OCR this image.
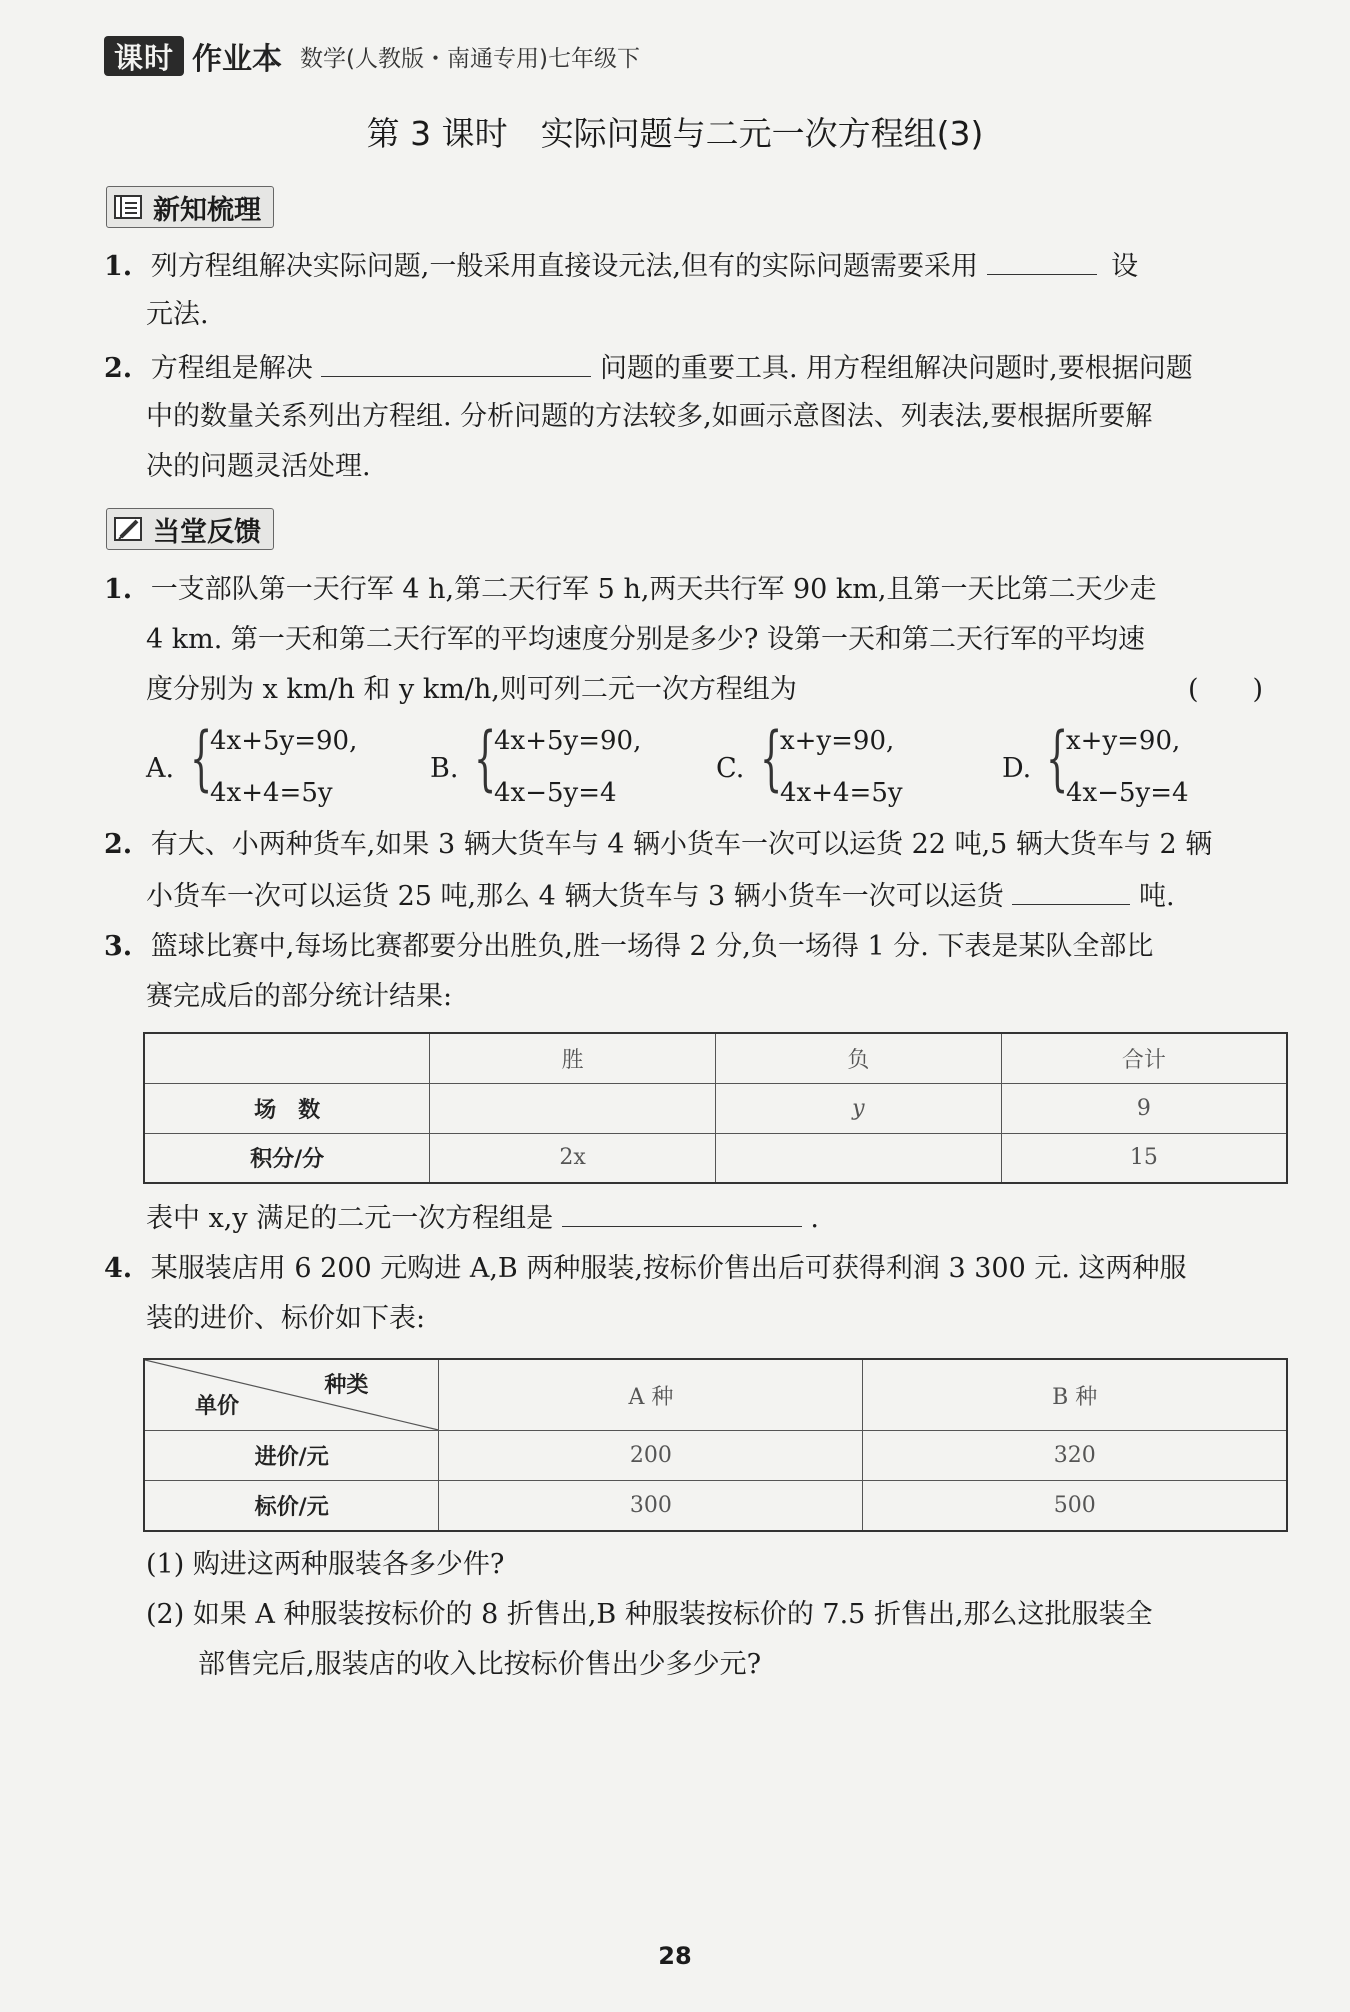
课时 作业本 数学(人教版・南通专用)七年级下
第 3 课时　实际问题与二元一次方程组(3)
新知梳理
1. 列方程组解决实际问题,一般采用直接设元法,但有的实际问题需要采用	设
元法.
2. 方程组是解决	问题的重要工具. 用方程组解决问题时,要根据问题
中的数量关系列出方程组. 分析问题的方法较多,如画示意图法、列表法,要根据所要解
决的问题灵活处理.
当堂反馈
1. 一支部队第一天行军 4 h,第二天行军 5 h,两天共行军 90 km,且第一天比第二天少走
4 km. 第一天和第二天行军的平均速度分别是多少? 设第一天和第二天行军的平均速
度分别为 x km/h 和 y km/h,则可列二元一次方程组为	(　　)
A. {
4x+5y=90,
4x+4=5y
B. {
4x+5y=90,
4x−5y=4
C. {
x+y=90,
4x+4=5y
D. {
x+y=90,
4x−5y=4
2. 有大、小两种货车,如果 3 辆大货车与 4 辆小货车一次可以运货 22 吨,5 辆大货车与 2 辆
小货车一次可以运货 25 吨,那么 4 辆大货车与 3 辆小货车一次可以运货	吨.
3. 篮球比赛中,每场比赛都要分出胜负,胜一场得 2 分,负一场得 1 分. 下表是某队全部比
赛完成后的部分统计结果:
	胜	负	合计
场　数		y	9
积分/分	2x		15
表中 x,y 满足的二元一次方程组是	.
4. 某服装店用 6 200 元购进 A,B 两种服装,按标价售出后可获得利润 3 300 元. 这两种服
装的进价、标价如下表:
种类
单价	A 种	B 种
进价/元	200	320
标价/元	300	500
(1) 购进这两种服装各多少件?
(2) 如果 A 种服装按标价的 8 折售出,B 种服装按标价的 7.5 折售出,那么这批服装全
部售完后,服装店的收入比按标价售出少多少元?
28
